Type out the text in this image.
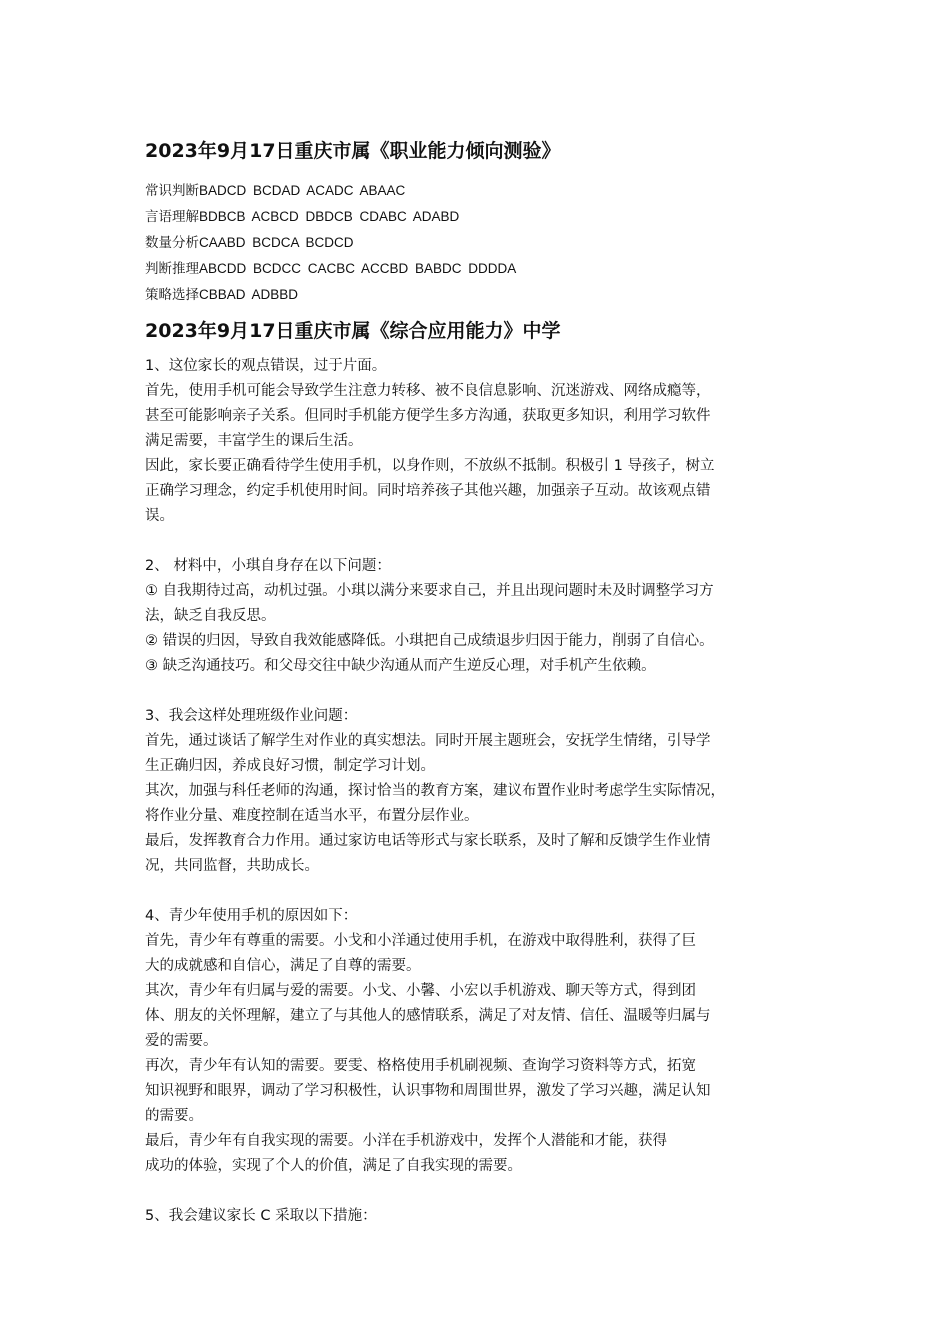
2023年9月17日重庆市属《职业能力倾向测验》
常识判断BADCD BCDAD ACADC ABAAC
言语理解BDBCB ACBCD DBDCB CDABC ADABD
数量分析CAABD BCDCA BCDCD
判断推理ABCDD BCDCC CACBC ACCBD BABDC DDDDA
策略选择CBBAD ADBBD
2023年9月17日重庆市属《综合应用能力》中学

1、这位家长的观点错误，过于片面。

首先，使用手机可能会导致学生注意力转移、被不良信息影响、沉迷游戏、网络成瘾等，

甚至可能影响亲子关系。但同时手机能方便学生多方沟通，获取更多知识，利用学习软件

满足需要，丰富学生的课后生活。

因此，家长要正确看待学生使用手机，以身作则，不放纵不抵制。积极引 1 导孩子，树立

正确学习理念，约定手机使用时间。同时培养孩子其他兴趣，加强亲子互动。故该观点错

误。

2、 材料中，小琪自身存在以下问题：

① 自我期待过高，动机过强。小琪以满分来要求自己，并且出现问题时未及时调整学习方

法，缺乏自我反思。

② 错误的归因，导致自我效能感降低。小琪把自己成绩退步归因于能力，削弱了自信心。

③ 缺乏沟通技巧。和父母交往中缺少沟通从而产生逆反心理，对手机产生依赖。

3、我会这样处理班级作业问题：

首先，通过谈话了解学生对作业的真实想法。同时开展主题班会，安抚学生情绪，引导学

生正确归因，养成良好习惯，制定学习计划。

其次，加强与科任老师的沟通，探讨恰当的教育方案，建议布置作业时考虑学生实际情况，

将作业分量、难度控制在适当水平，布置分层作业。

最后，发挥教育合力作用。通过家访电话等形式与家长联系，及时了解和反馈学生作业情

况，共同监督，共助成长。

4、青少年使用手机的原因如下：

首先，青少年有尊重的需要。小戈和小洋通过使用手机，在游戏中取得胜利，获得了巨

大的成就感和自信心，满足了自尊的需要。

其次，青少年有归属与爱的需要。小戈、小馨、小宏以手机游戏、聊天等方式，得到团

体、朋友的关怀理解，建立了与其他人的感情联系，满足了对友情、信任、温暖等归属与

爱的需要。

再次，青少年有认知的需要。要雯、格格使用手机刷视频、查询学习资料等方式，拓宽

知识视野和眼界，调动了学习积极性，认识事物和周围世界，激发了学习兴趣，满足认知

的需要。

最后，青少年有自我实现的需要。小洋在手机游戏中，发挥个人潜能和才能，获得

成功的体验，实现了个人的价值，满足了自我实现的需要。

5、我会建议家长 C 采取以下措施：
